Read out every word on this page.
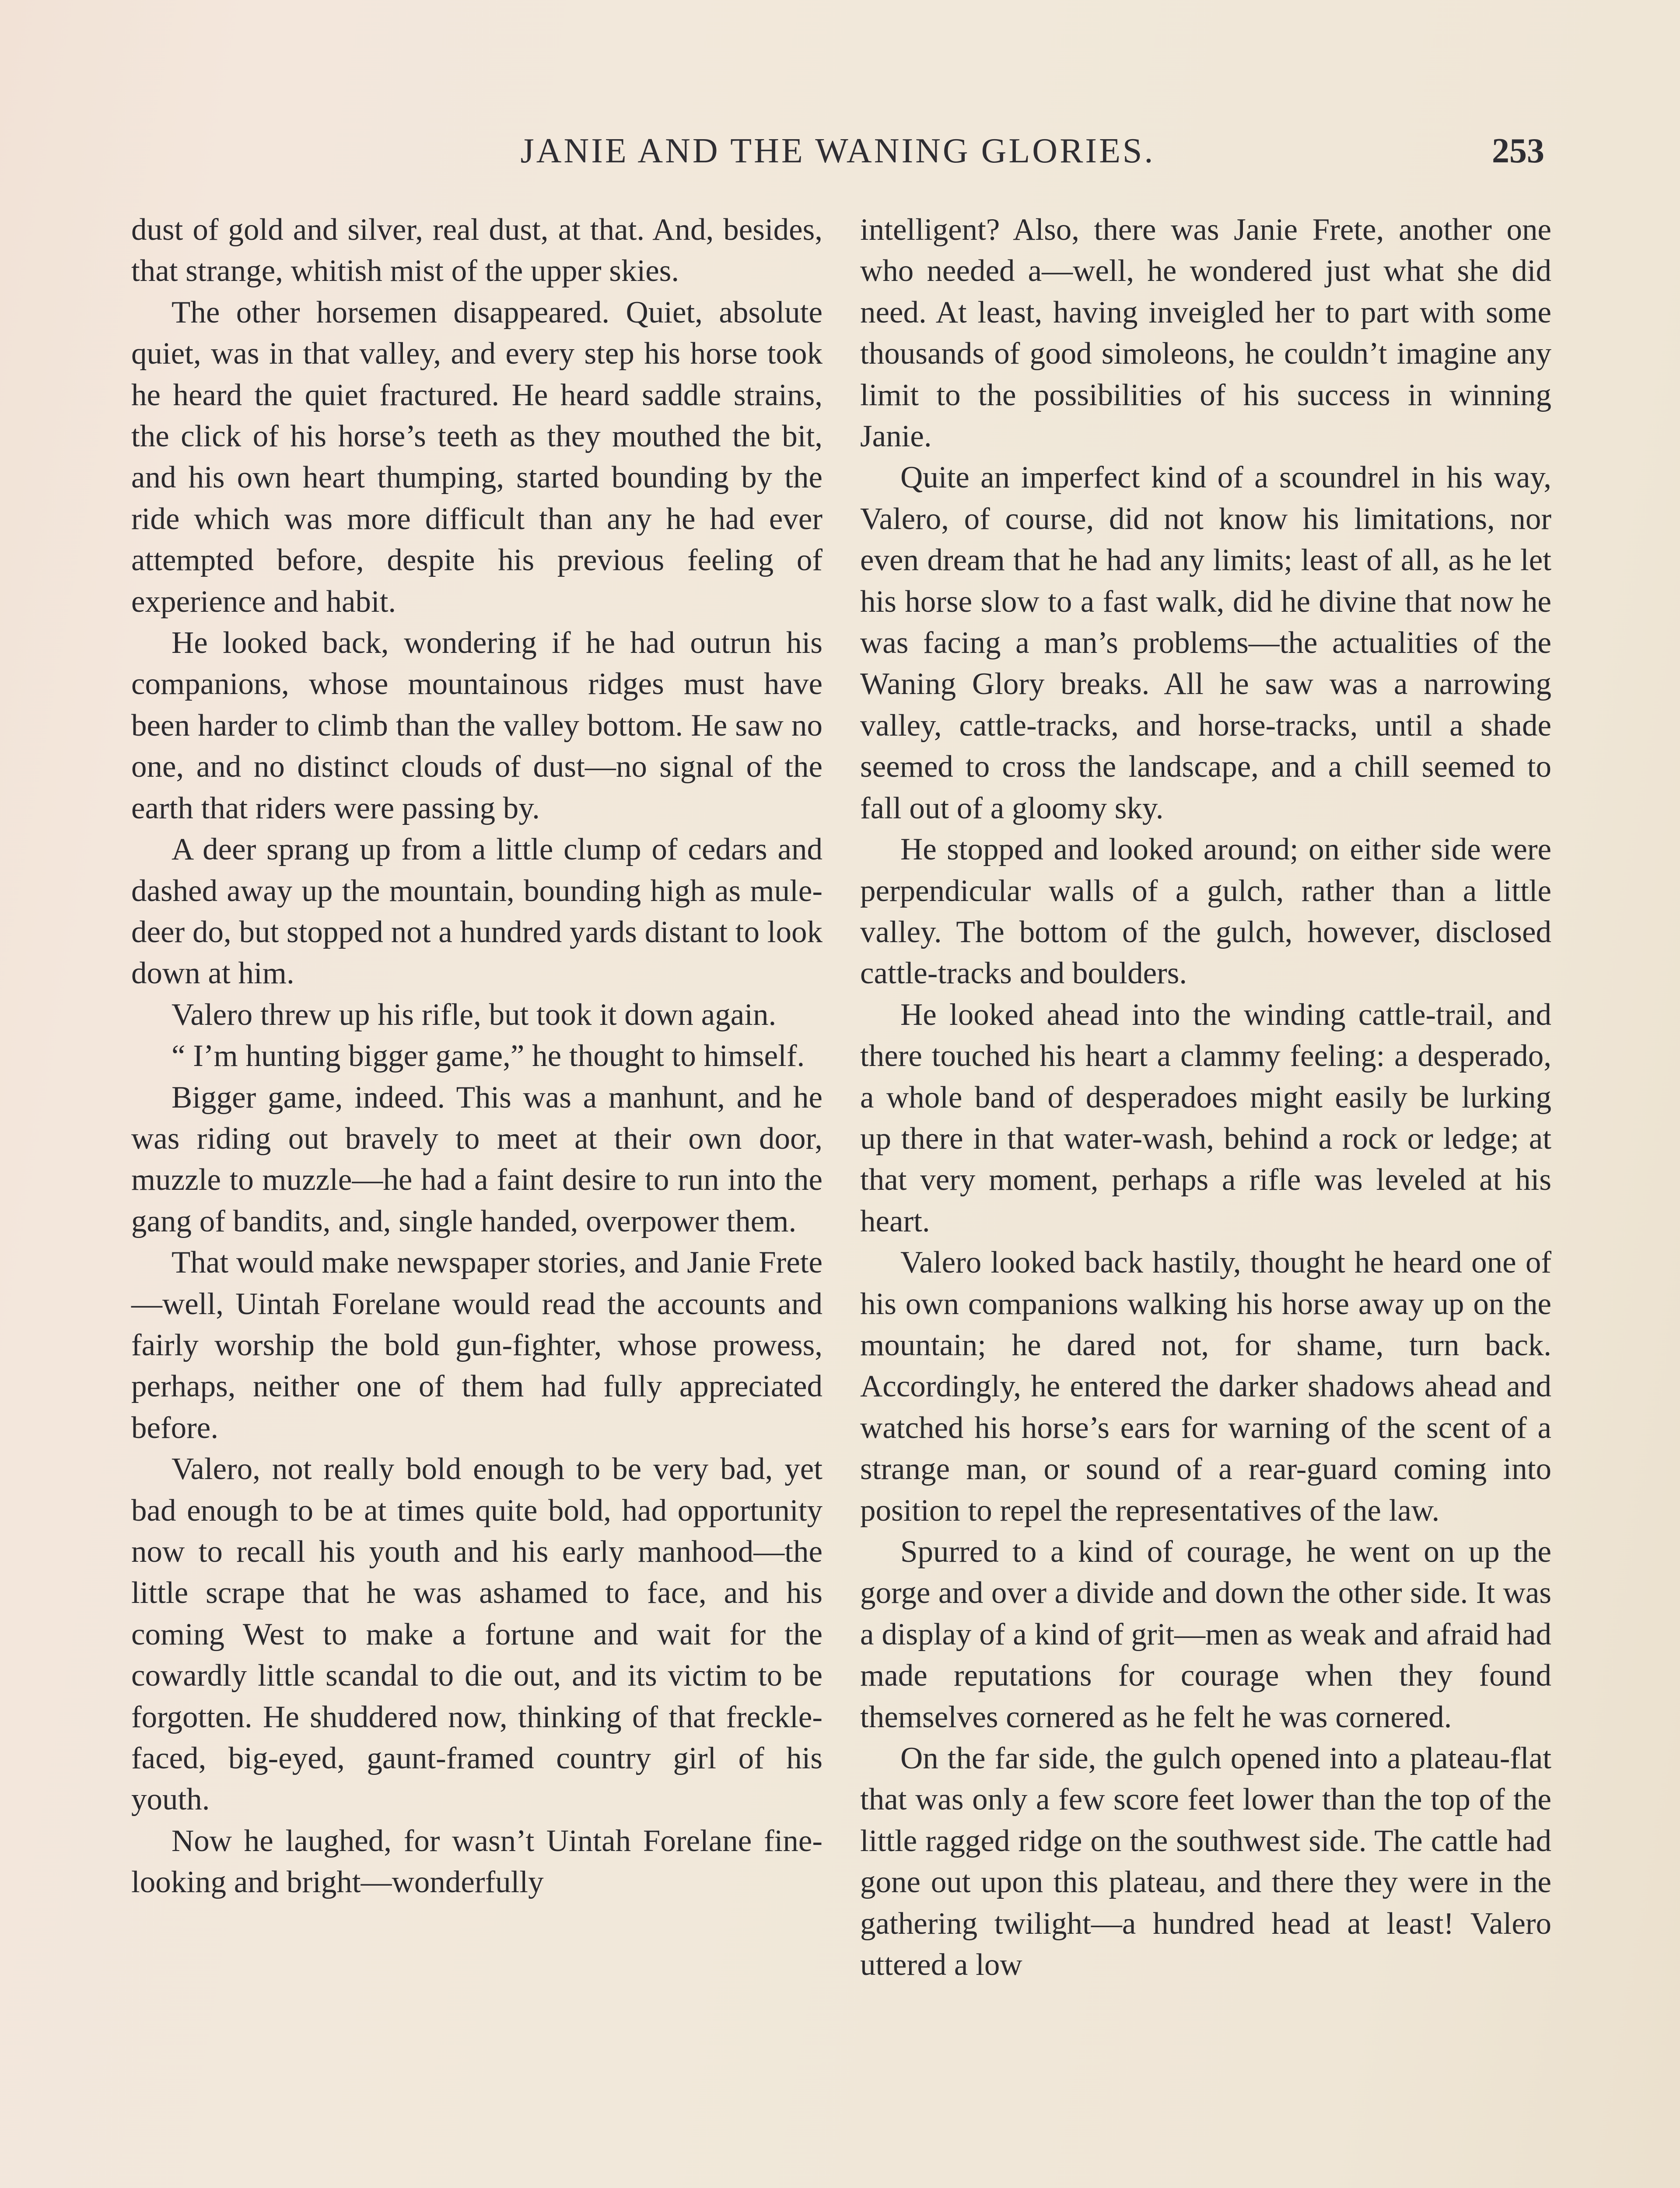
JANIE AND THE WANING GLORIES.	253

dust of gold and silver, real dust, at that. And, besides, that strange, whitish mist of the upper skies.

The other horsemen disappeared. Quiet, absolute quiet, was in that valley, and every step his horse took he heard the quiet fractured. He heard saddle strains, the click of his horse’s teeth as they mouthed the bit, and his own heart thumping, started bounding by the ride which was more difficult than any he had ever attempted before, despite his previous feeling of experience and habit.

He looked back, wondering if he had outrun his companions, whose mountainous ridges must have been harder to climb than the valley bottom. He saw no one, and no distinct clouds of dust—no signal of the earth that riders were passing by.

A deer sprang up from a little clump of cedars and dashed away up the mountain, bounding high as mule-deer do, but stopped not a hundred yards distant to look down at him.

Valero threw up his rifle, but took it down again.

“ I’m hunting bigger game,” he thought to himself.

Bigger game, indeed. This was a manhunt, and he was riding out bravely to meet at their own door, muzzle to muzzle—he had a faint desire to run into the gang of bandits, and, single handed, overpower them.

That would make newspaper stories, and Janie Frete—well, Uintah Forelane would read the accounts and fairly worship the bold gun-fighter, whose prowess, perhaps, neither one of them had fully appreciated before.

Valero, not really bold enough to be very bad, yet bad enough to be at times quite bold, had opportunity now to recall his youth and his early manhood—the little scrape that he was ashamed to face, and his coming West to make a fortune and wait for the cowardly little scandal to die out, and its victim to be forgotten. He shuddered now, thinking of that freckle-faced, big-eyed, gaunt-framed country girl of his youth.

Now he laughed, for wasn’t Uintah Forelane fine-looking and bright—wonderfully

intelligent? Also, there was Janie Frete, another one who needed a—well, he wondered just what she did need. At least, having inveigled her to part with some thousands of good simoleons, he couldn’t imagine any limit to the possibilities of his success in winning Janie.

Quite an imperfect kind of a scoundrel in his way, Valero, of course, did not know his limitations, nor even dream that he had any limits; least of all, as he let his horse slow to a fast walk, did he divine that now he was facing a man’s problems—the actualities of the Waning Glory breaks. All he saw was a narrowing valley, cattle-tracks, and horse-tracks, until a shade seemed to cross the landscape, and a chill seemed to fall out of a gloomy sky.

He stopped and looked around; on either side were perpendicular walls of a gulch, rather than a little valley. The bottom of the gulch, however, disclosed cattle-tracks and boulders.

He looked ahead into the winding cattle-trail, and there touched his heart a clammy feeling: a desperado, a whole band of desperadoes might easily be lurking up there in that water-wash, behind a rock or ledge; at that very moment, perhaps a rifle was leveled at his heart.

Valero looked back hastily, thought he heard one of his own companions walking his horse away up on the mountain; he dared not, for shame, turn back. Accordingly, he entered the darker shadows ahead and watched his horse’s ears for warning of the scent of a strange man, or sound of a rear-guard coming into position to repel the representatives of the law.

Spurred to a kind of courage, he went on up the gorge and over a divide and down the other side. It was a display of a kind of grit—men as weak and afraid had made reputations for courage when they found themselves cornered as he felt he was cornered.

On the far side, the gulch opened into a plateau-flat that was only a few score feet lower than the top of the little ragged ridge on the southwest side. The cattle had gone out upon this plateau, and there they were in the gathering twilight—a hundred head at least! Valero uttered a low
